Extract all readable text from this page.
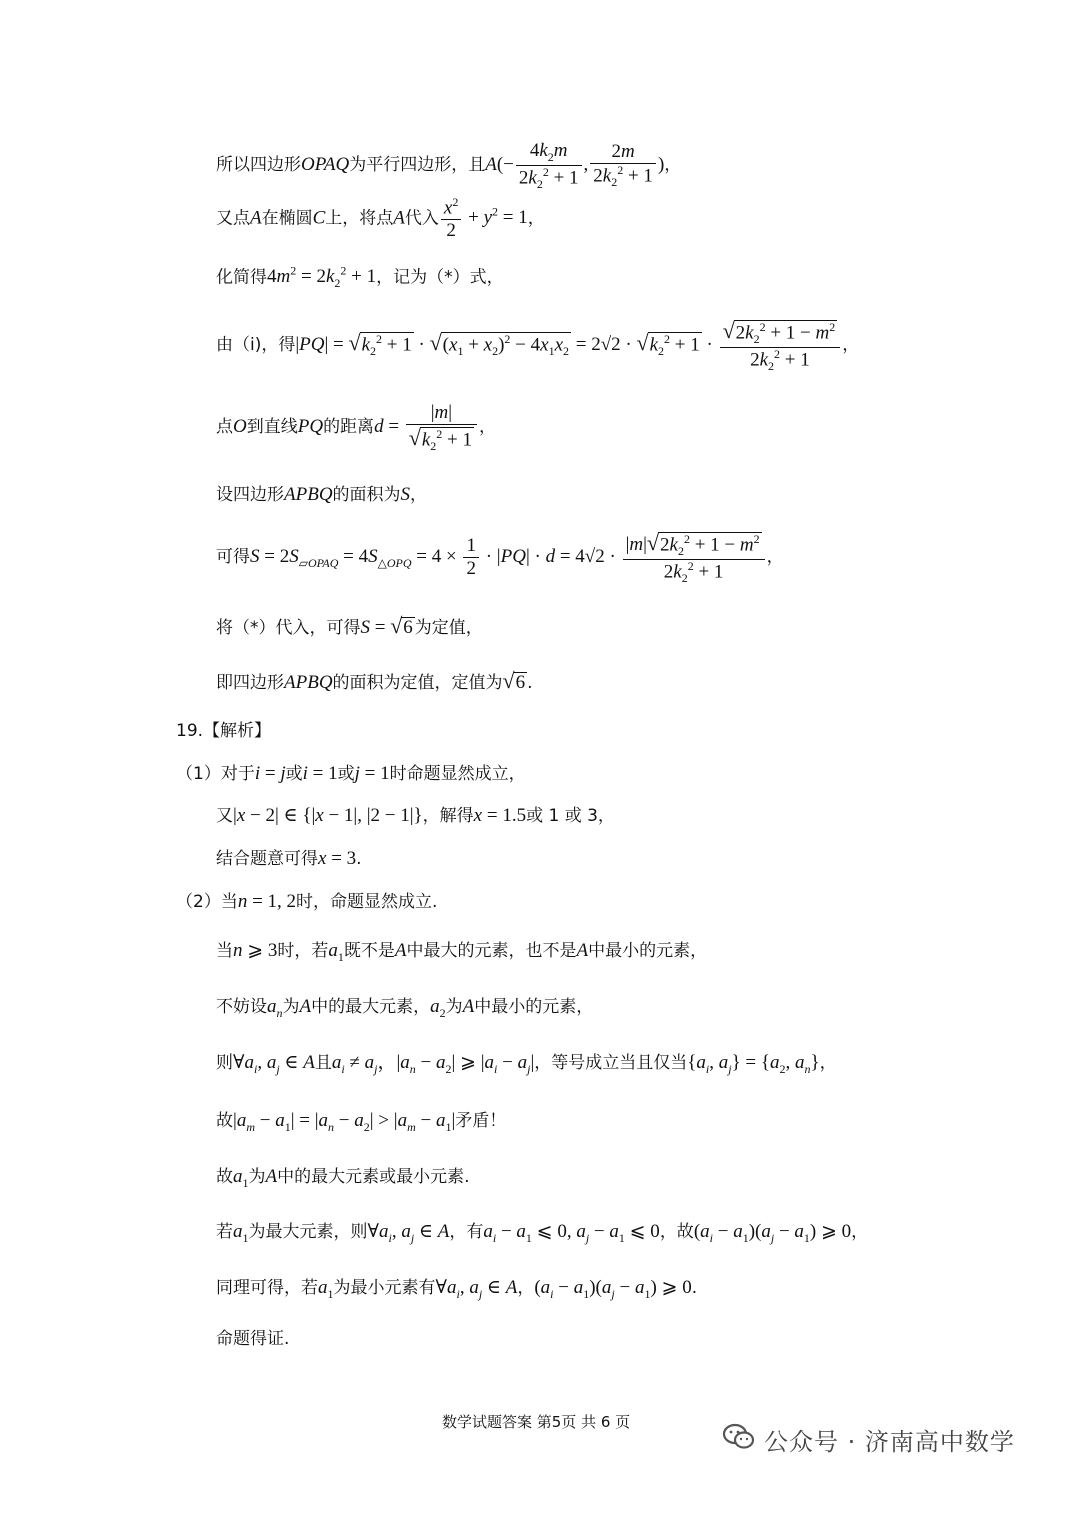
所以四边形OPAQ为平行四边形，且$A(- \frac{4k_2m}{2k_2^2 + 1}$ , $\frac{2m}{2k_2^2 + 1}$ )，
又点A在椭圆C上，将点A代入 $\frac{x^2}{2} + y^2 = 1$，
化简得$4m^2 = 2k_2^2 + 1$，记为（*）式，
由（i)，得$|PQ| = √k_2^2 + 1 \cdot √(x_1 + x_2)^2 - 4x_1x_2 = 2√2 \cdot √k_2^2 + 1 \cdot \frac{√2k_2^2 + 1 - m^2}{2k_2^2 + 1}$ ，
点O到直线PQ的距离$d = \frac{|m|}{√k_2^2 + 1}$ ，
设四边形APBQ的面积为S，
可得$S = 2S_{▱OPAQ} = 4S_{\triangle OPQ} = 4 \times \frac{1}{2} \cdot |PQ| \cdot d = 4√2 \cdot \frac{|m|√2k_2^2 + 1 - m^2}{2k_2^2 + 1}$ ，
将（*）代入，可得S = √6 为定值，
即四边形APBQ的面积为定值，定值为√6 .
19.【解析】
（1）对于i = j或i = 1或j = 1时命题显然成立，
又|x − 2| ∈ {|x − 1|, |2 − 1|}，解得x = 1.5或 1 或 3，
结合题意可得x = 3.
（2）当n = 1, 2时，命题显然成立.
当n ⩾ 3时，若$a_1$既不是A中最大的元素，也不是A中最小的元素，
不妨设$a_n$为A中的最大元素，$a_2$为A中最小的元素，
则$\forall a_i$, $a_j$ ∈ A且$a_i \ne a_j$，$|a_n - a_2|$ ⩾ $|a_i - a_j|$，等号成立当且仅当{$a_i$, $a_j\} = \{a_2$, $a_n$}，
故$|a_m - a_1| = |a_n - a_2| > |a_m - a_1|$矛盾！
故$a_1$为A中的最大元素或最小元素.
若$a_1$为最大元素，则$\forall a_i$, $a_j$ ∈ A，有$a_i - a_1$ ⩽ 0, $a_j - a_1$ ⩽ 0，故$(a_i - a_1)(a_j - a_1)$ ⩾ 0，
同理可得，若$a_1$为最小元素有$\forall a_i$, $a_j$ ∈ A，$(a_i - a_1)(a_j - a_1)$ ⩾ 0.
命题得证.
数学试题答案 第5页 共 6 页
公众号 · 济南高中数学
